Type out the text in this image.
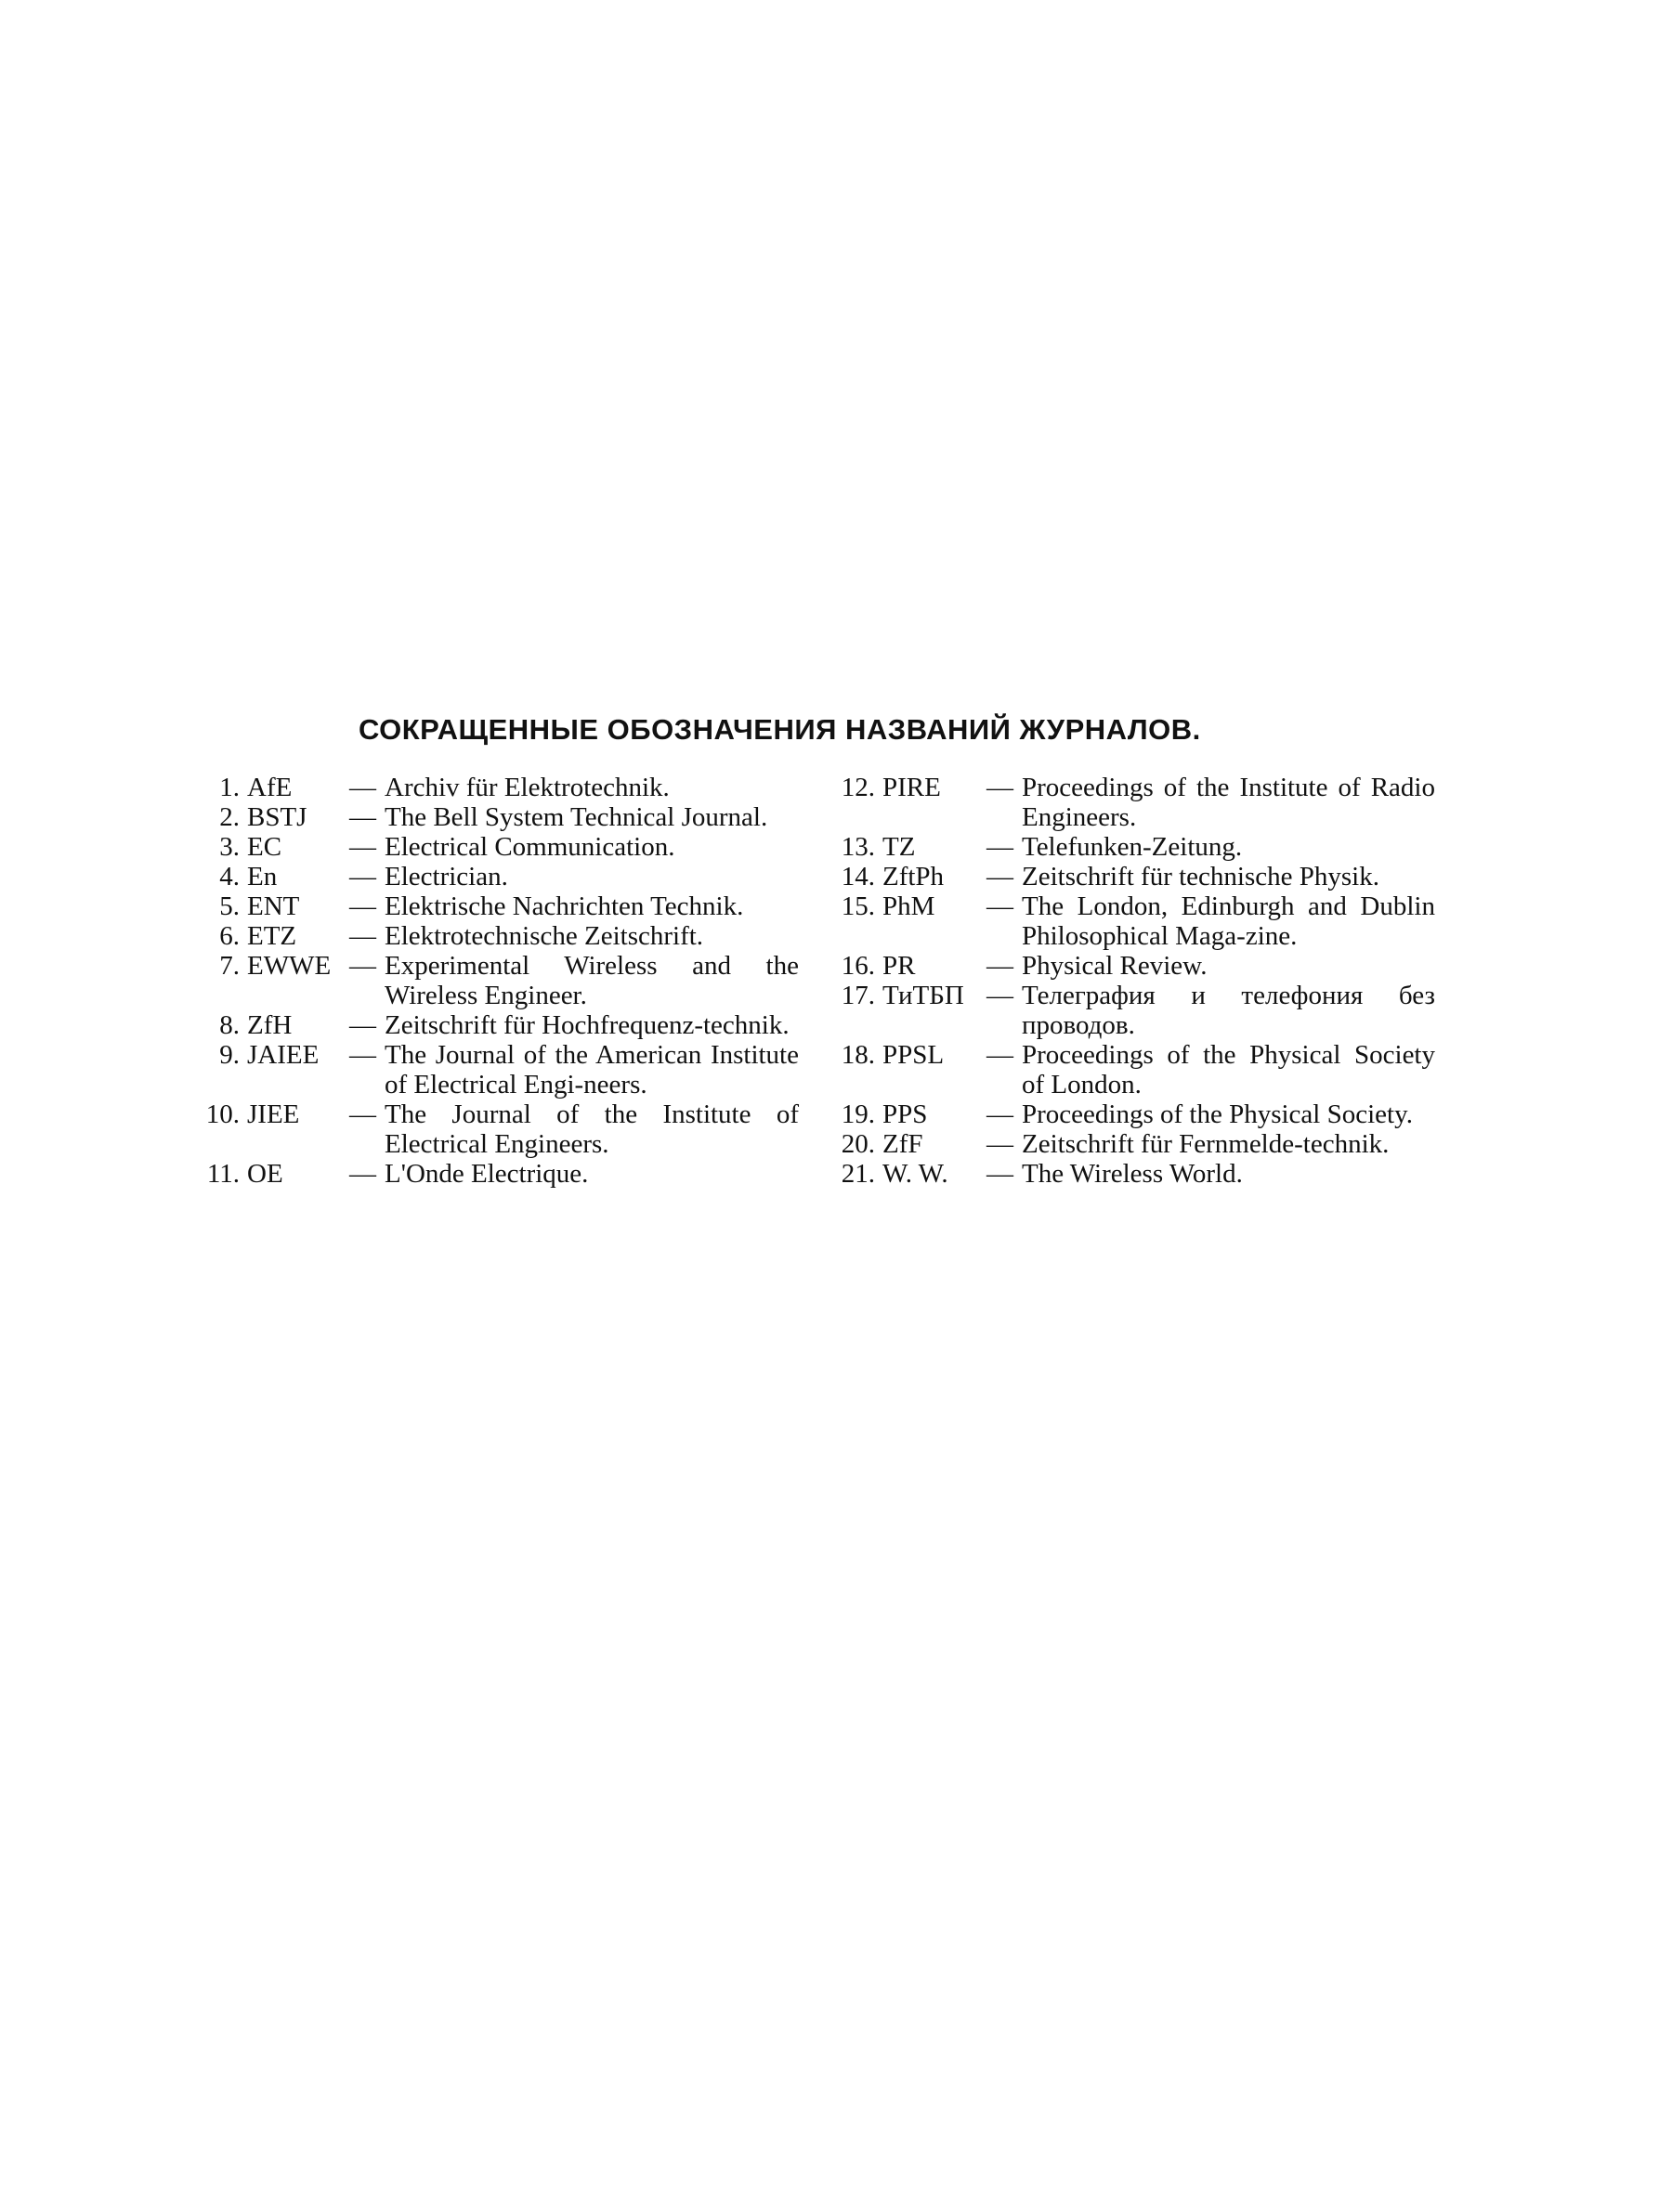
СОКРАЩЕННЫЕ ОБОЗНАЧЕНИЯ НАЗВАНИЙ ЖУРНАЛОВ.
1. AfE	— Archiv für Elektrotechnik.
2. BSTJ	— The Bell System Technical Journal.
3. EC	— Electrical Communication.
4. En	— Electrician.
5. ENT	— Elektrische Nachrichten Technik.
6. ETZ	— Elektrotechnische Zeitschrift.
7. EWWE — Experimental Wireless and the Wireless Engineer.
8. ZfH	— Zeitschrift für Hochfrequenz-technik.
9. JAIEE	— The Journal of the American Institute of Electrical Engi-neers.
10. JIEE	— The Journal of the Institute of Electrical Engineers.
11. OE	— L'Onde Electrique.
12. PIRE	— Proceedings of the Institute of Radio Engineers.
13. TZ	— Telefunken-Zeitung.
14. ZftPh	— Zeitschrift für technische Physik.
15. PhM	— The London, Edinburgh and Dublin Philosophical Maga-zine.
16. PR	— Physical Review.
17. ТиТБП — Телеграфия и телефония без проводов.
18. PPSL	— Proceedings of the Physical Society of London.
19. PPS	— Proceedings of the Physical Society.
20. ZfF	— Zeitschrift für Fernmelde-technik.
21. W. W.	— The Wireless World.
